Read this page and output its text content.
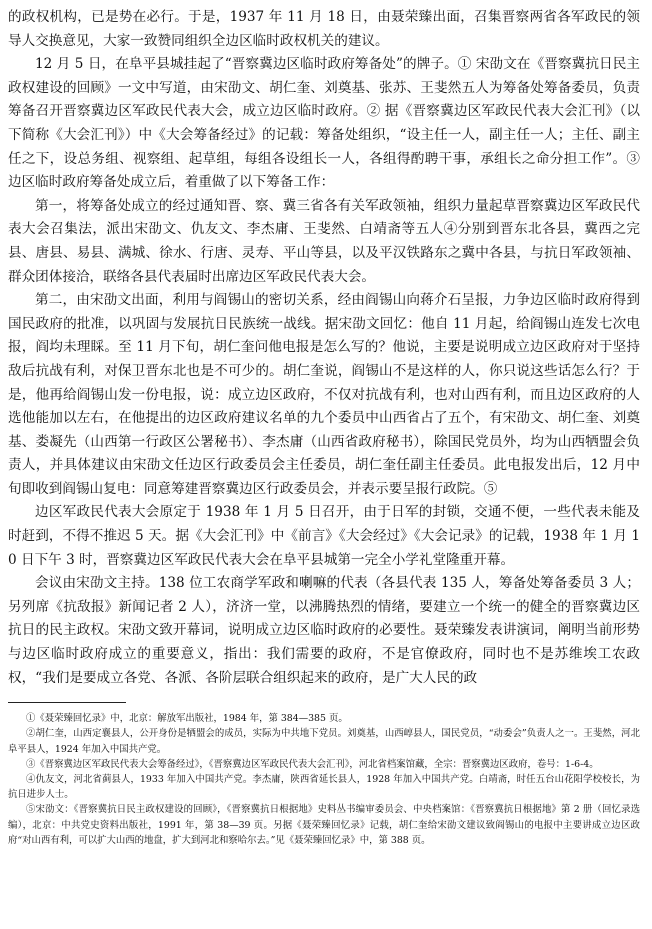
的政权机构，已是势在必行。于是，1937 年 11 月 18 日，由聂荣臻出面，召集晋察两省各军政民的领导人交换意见，大家一致赞同组织全边区临时政权机关的建议。

12 月 5 日，在阜平县城挂起了“晋察冀边区临时政府筹备处”的牌子。① 宋劭文在《晋察冀抗日民主政权建设的回顾》一文中写道，由宋劭文、胡仁奎、刘奠基、张苏、王斐然五人为筹备处筹备委员，负责筹备召开晋察冀边区军政民代表大会，成立边区临时政府。② 据《晋察冀边区军政民代表大会汇刊》（以下简称《大会汇刊》）中《大会筹备经过》的记载：筹备处组织，“设主任一人，副主任一人；主任、副主任之下，设总务组、视察组、起草组，每组各设组长一人，各组得酌聘干事，承组长之命分担工作”。③ 边区临时政府筹备处成立后，着重做了以下筹备工作：

第一，将筹备处成立的经过通知晋、察、冀三省各有关军政领袖，组织力量起草晋察冀边区军政民代表大会召集法，派出宋劭文、仇友文、李杰庸、王斐然、白靖斋等五人④分别到晋东北各县，冀西之完县、唐县、易县、满城、徐水、行唐、灵寿、平山等县，以及平汉铁路东之冀中各县，与抗日军政领袖、群众团体接洽，联络各县代表届时出席边区军政民代表大会。

第二，由宋劭文出面，利用与阎锡山的密切关系，经由阎锡山向蒋介石呈报，力争边区临时政府得到国民政府的批准，以巩固与发展抗日民族统一战线。据宋劭文回忆：他自 11 月起，给阎锡山连发七次电报，阎均未理睬。至 11 月下旬，胡仁奎问他电报是怎么写的？他说，主要是说明成立边区政府对于坚持敌后抗战有利，对保卫晋东北也是不可少的。胡仁奎说，阎锡山不是这样的人，你只说这些话怎么行？于是，他再给阎锡山发一份电报，说：成立边区政府，不仅对抗战有利，也对山西有利，而且边区政府的人选他能加以左右，在他提出的边区政府建议名单的九个委员中山西省占了五个，有宋劭文、胡仁奎、刘奠基、娄凝先（山西第一行政区公署秘书）、李杰庸（山西省政府秘书），除国民党员外，均为山西牺盟会负责人，并具体建议由宋劭文任边区行政委员会主任委员，胡仁奎任副主任委员。此电报发出后，12 月中旬即收到阎锡山复电：同意筹建晋察冀边区行政委员会，并表示要呈报行政院。⑤

边区军政民代表大会原定于 1938 年 1 月 5 日召开，由于日军的封锁，交通不便，一些代表未能及时赶到，不得不推迟 5 天。据《大会汇刊》中《前言》《大会经过》《大会记录》的记载，1938 年 1 月 10 日下午 3 时，晋察冀边区军政民代表大会在阜平县城第一完全小学礼堂隆重开幕。

会议由宋劭文主持。138 位工农商学军政和喇嘛的代表（各县代表 135 人，筹备处筹备委员 3 人；另列席《抗敌报》新闻记者 2 人），济济一堂，以沸腾热烈的情绪，要建立一个统一的健全的晋察冀边区抗日的民主政权。宋劭文致开幕词，说明成立边区临时政府的必要性。聂荣臻发表讲演词，阐明当前形势与边区临时政府成立的重要意义，指出：我们需要的政府，不是官僚政府，同时也不是苏维埃工农政权，“我们是要成立各党、各派、各阶层联合组织起来的政府，是广大人民的政

①《聂荣臻回忆录》中，北京：解放军出版社，1984 年，第 384—385 页。

②胡仁奎，山西定襄县人，公开身份是牺盟会的成员，实际为中共地下党员。刘奠基，山西崞县人，国民党员，“动委会”负责人之一。王斐然，河北阜平县人，1924 年加入中国共产党。

③《晋察冀边区军政民代表大会筹备经过》，《晋察冀边区军政民代表大会汇刊》，河北省档案馆藏，全宗：晋察冀边区政府，卷号：1-6-4。

④仇友文，河北省蓟县人，1933 年加入中国共产党。李杰庸，陕西省延长县人，1928 年加入中国共产党。白靖斋，时任五台山花阳学校校长，为抗日进步人士。

⑤宋劭文：《晋察冀抗日民主政权建设的回顾》，《晋察冀抗日根据地》史料丛书编审委员会、中央档案馆：《晋察冀抗日根据地》第 2 册（回忆录选编），北京：中共党史资料出版社，1991 年，第 38—39 页。另据《聂荣臻回忆录》记载，胡仁奎给宋劭文建议致阎锡山的电报中主要讲成立边区政府“对山西有利，可以扩大山西的地盘，扩大到河北和察哈尔去。”见《聂荣臻回忆录》中，第 388 页。
